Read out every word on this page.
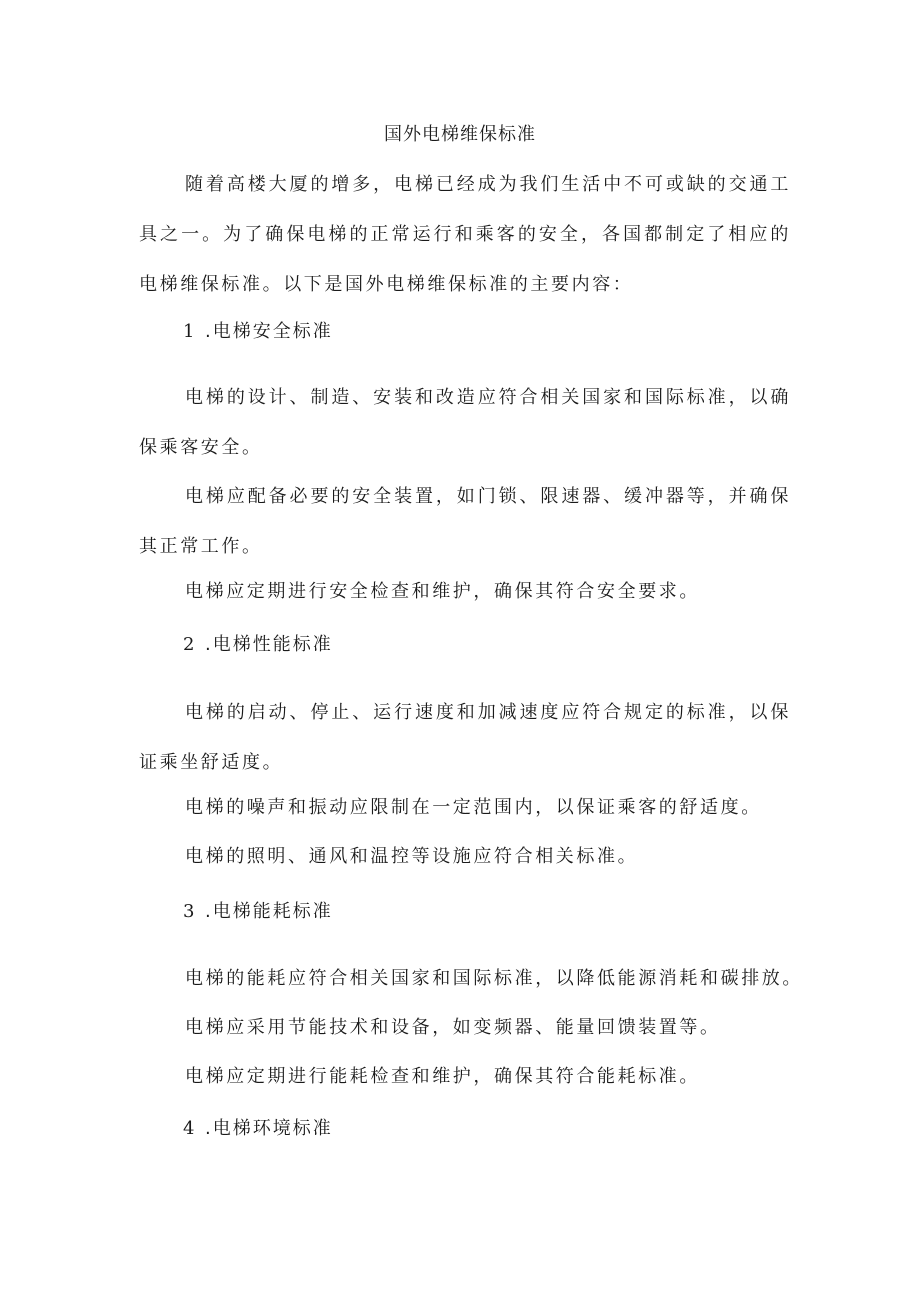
国外电梯维保标准

随着高楼大厦的增多，电梯已经成为我们生活中不可或缺的交通工具之一。为了确保电梯的正常运行和乘客的安全，各国都制定了相应的电梯维保标准。以下是国外电梯维保标准的主要内容：

1 .电梯安全标准

电梯的设计、制造、安装和改造应符合相关国家和国际标准，以确保乘客安全。

电梯应配备必要的安全装置，如门锁、限速器、缓冲器等，并确保其正常工作。

电梯应定期进行安全检查和维护，确保其符合安全要求。

2 .电梯性能标准

电梯的启动、停止、运行速度和加减速度应符合规定的标准，以保证乘坐舒适度。

电梯的噪声和振动应限制在一定范围内，以保证乘客的舒适度。

电梯的照明、通风和温控等设施应符合相关标准。

3 .电梯能耗标准

电梯的能耗应符合相关国家和国际标准，以降低能源消耗和碳排放。

电梯应采用节能技术和设备，如变频器、能量回馈装置等。

电梯应定期进行能耗检查和维护，确保其符合能耗标准。

4 .电梯环境标准
